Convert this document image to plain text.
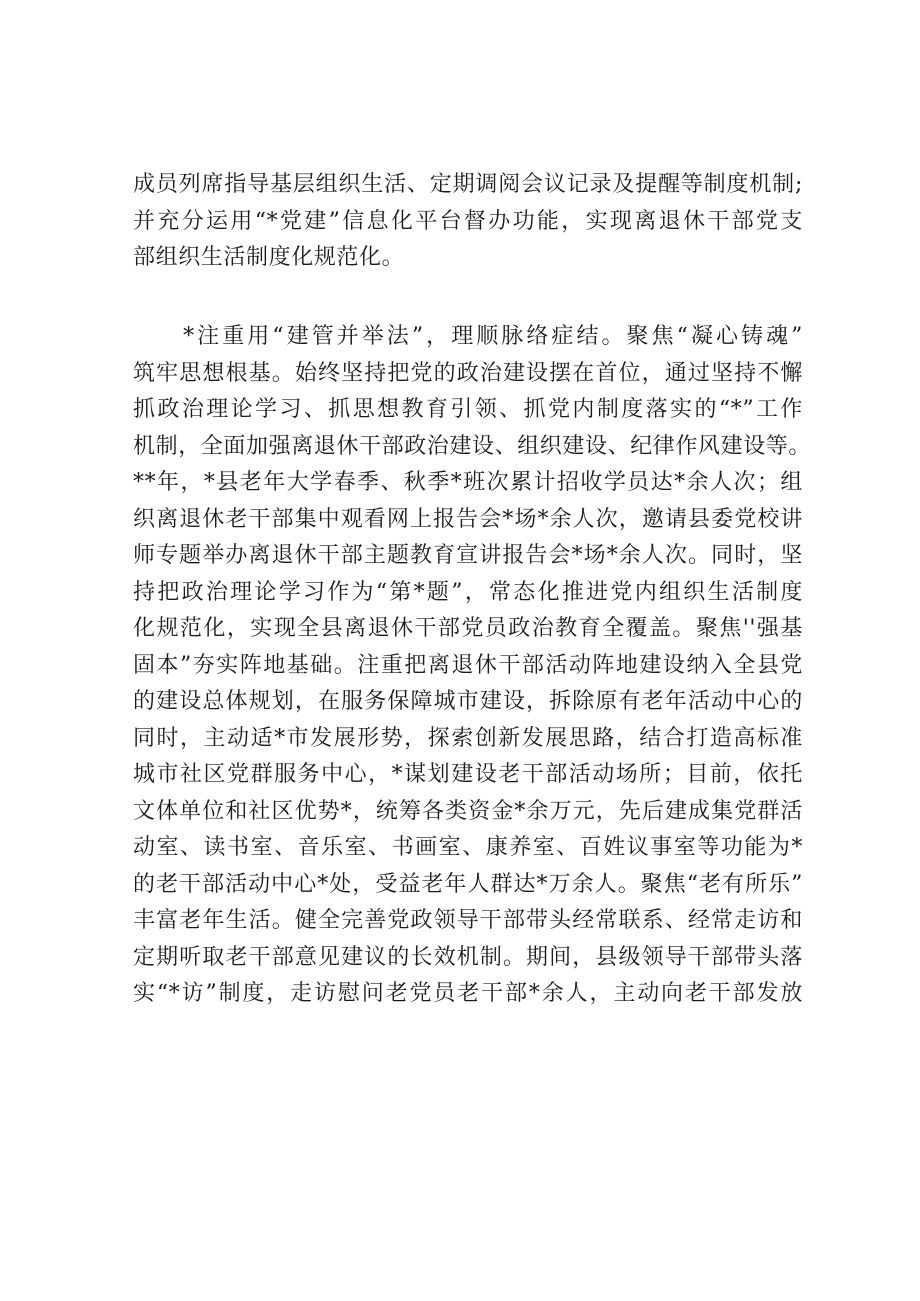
成员列席指导基层组织生活、定期调阅会议记录及提醒等制度机制;
并充分运用“*党建”信息化平台督办功能，实现离退休干部党支
部组织生活制度化规范化。
　　*注重用“建管并举法”，理顺脉络症结。聚焦“凝心铸魂”
筑牢思想根基。始终坚持把党的政治建设摆在首位，通过坚持不懈
抓政治理论学习、抓思想教育引领、抓党内制度落实的“*”工作
机制，全面加强离退休干部政治建设、组织建设、纪律作风建设等。
**年，*县老年大学春季、秋季*班次累计招收学员达*余人次；组
织离退休老干部集中观看网上报告会*场*余人次，邀请县委党校讲
师专题举办离退休干部主题教育宣讲报告会*场*余人次。同时，坚
持把政治理论学习作为“第*题”，常态化推进党内组织生活制度
化规范化，实现全县离退休干部党员政治教育全覆盖。聚焦''强基
固本”夯实阵地基础。注重把离退休干部活动阵地建设纳入全县党
的建设总体规划，在服务保障城市建设，拆除原有老年活动中心的
同时，主动适*市发展形势，探索创新发展思路，结合打造高标准
城市社区党群服务中心，*谋划建设老干部活动场所；目前，依托
文体单位和社区优势*，统筹各类资金*余万元，先后建成集党群活
动室、读书室、音乐室、书画室、康养室、百姓议事室等功能为*
的老干部活动中心*处，受益老年人群达*万余人。聚焦“老有所乐”
丰富老年生活。健全完善党政领导干部带头经常联系、经常走访和
定期听取老干部意见建议的长效机制。期间，县级领导干部带头落
实“*访”制度，走访慰问老党员老干部*余人，主动向老干部发放
